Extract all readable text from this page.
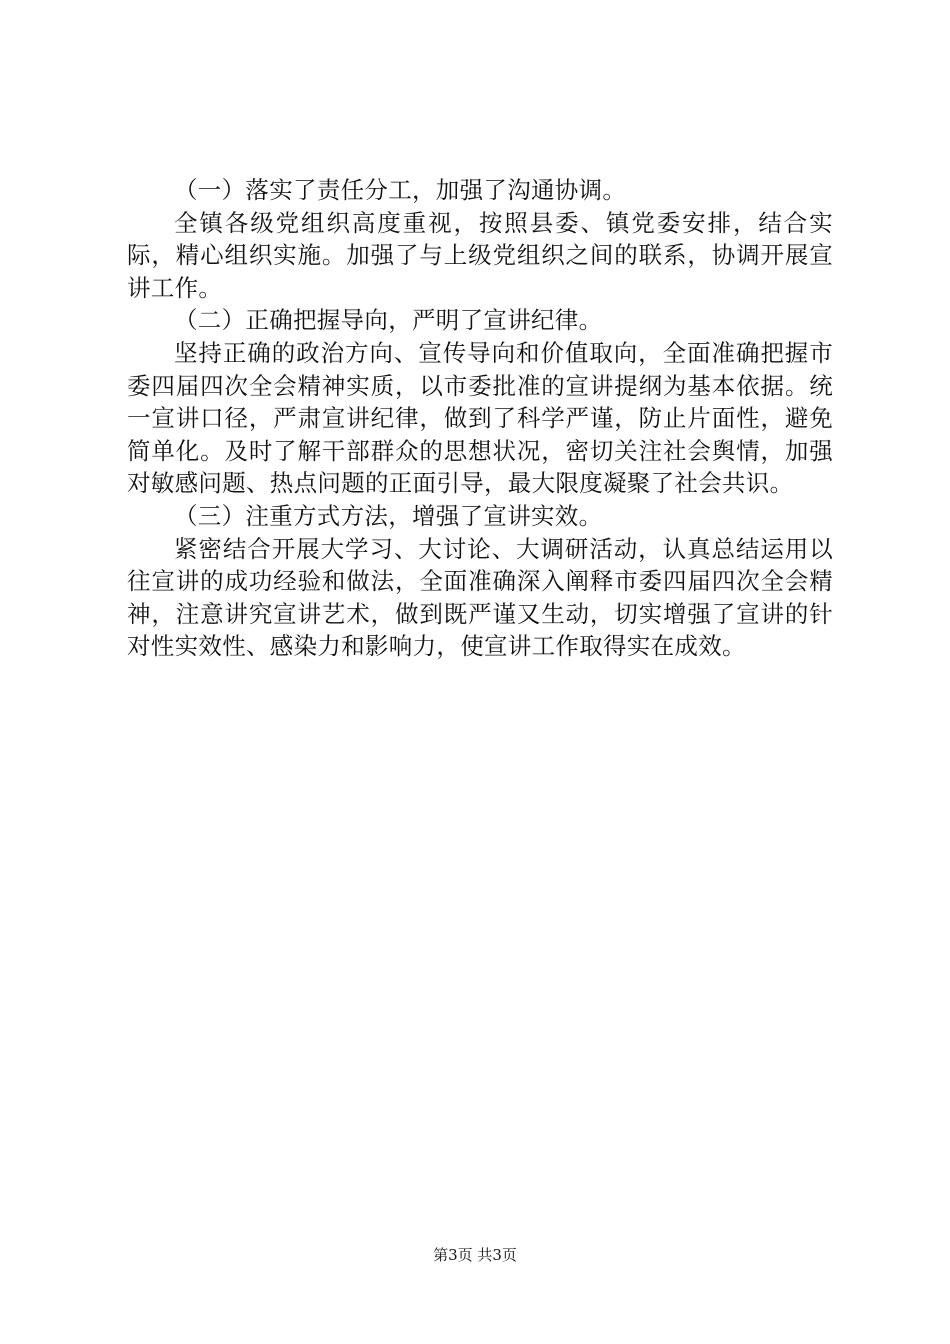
（一）落实了责任分工，加强了沟通协调。

全镇各级党组织高度重视，按照县委、镇党委安排，结合实际，精心组织实施。加强了与上级党组织之间的联系，协调开展宣讲工作。

（二）正确把握导向，严明了宣讲纪律。

坚持正确的政治方向、宣传导向和价值取向，全面准确把握市委四届四次全会精神实质，以市委批准的宣讲提纲为基本依据。统一宣讲口径，严肃宣讲纪律，做到了科学严谨，防止片面性，避免简单化。及时了解干部群众的思想状况，密切关注社会舆情，加强对敏感问题、热点问题的正面引导，最大限度凝聚了社会共识。

（三）注重方式方法，增强了宣讲实效。

紧密结合开展大学习、大讨论、大调研活动，认真总结运用以往宣讲的成功经验和做法，全面准确深入阐释市委四届四次全会精神，注意讲究宣讲艺术，做到既严谨又生动，切实增强了宣讲的针对性实效性、感染力和影响力，使宣讲工作取得实在成效。

第3页 共3页
